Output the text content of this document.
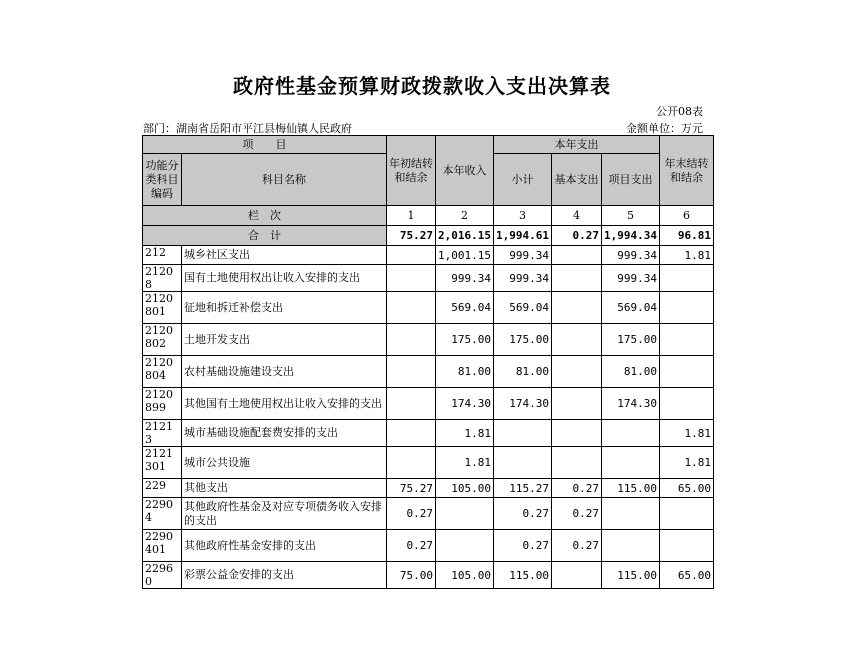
政府性基金预算财政拨款收入支出决算表
公开08表
部门：湖南省岳阳市平江县梅仙镇人民政府	金额单位：万元
项　　目		年初结转和结余	本年收入	本年支出			年末结转和结余
功能分类科目编码	科目名称			小计	基本支出	项目支出	

栏　次		1	2	3	4	5	6
合　计		75.27	2,016.15	1,994.61	0.27	1,994.34	96.81
212	城乡社区支出		1,001.15	999.34		999.34	1.81
21208	国有土地使用权出让收入安排的支出		999.34	999.34		999.34	
2120801	征地和拆迁补偿支出		569.04	569.04		569.04	
2120802	土地开发支出		175.00	175.00		175.00	
2120804	农村基础设施建设支出		81.00	81.00		81.00	
2120899	其他国有土地使用权出让收入安排的支出		174.30	174.30		174.30	
21213	城市基础设施配套费安排的支出		1.81				1.81
2121301	城市公共设施		1.81				1.81
229	其他支出	75.27	105.00	115.27	0.27	115.00	65.00
22904	其他政府性基金及对应专项债务收入安排的支出	0.27		0.27	0.27		
2290401	其他政府性基金安排的支出	0.27		0.27	0.27		
22960	彩票公益金安排的支出	75.00	105.00	115.00		115.00	65.00
